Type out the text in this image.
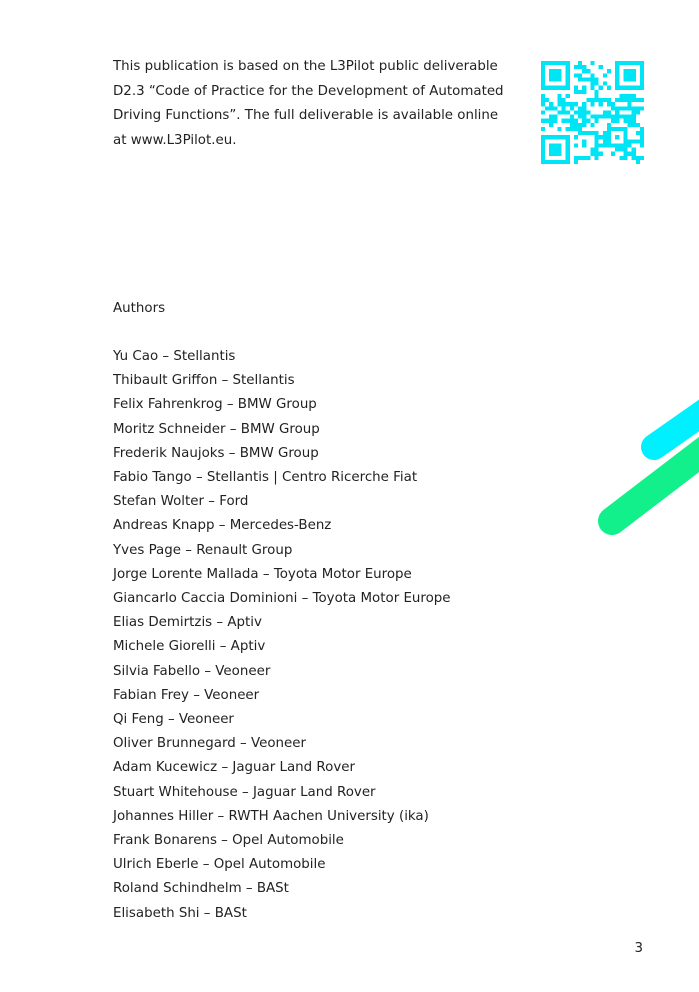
This publication is based on the L3Pilot public deliverable D2.3 “Code of Practice for the Development of Automated Driving Functions”. The full deliverable is available online at www.L3Pilot.eu.

Authors
Yu Cao – Stellantis
Thibault Griffon – Stellantis
Felix Fahrenkrog – BMW Group
Moritz Schneider – BMW Group
Frederik Naujoks – BMW Group
Fabio Tango – Stellantis | Centro Ricerche Fiat
Stefan Wolter – Ford
Andreas Knapp – Mercedes-Benz
Yves Page – Renault Group
Jorge Lorente Mallada – Toyota Motor Europe
Giancarlo Caccia Dominioni – Toyota Motor Europe
Elias Demirtzis – Aptiv
Michele Giorelli – Aptiv
Silvia Fabello – Veoneer
Fabian Frey – Veoneer
Qi Feng – Veoneer
Oliver Brunnegard – Veoneer
Adam Kucewicz – Jaguar Land Rover
Stuart Whitehouse – Jaguar Land Rover
Johannes Hiller – RWTH Aachen University (ika)
Frank Bonarens – Opel Automobile
Ulrich Eberle – Opel Automobile
Roland Schindhelm – BASt
Elisabeth Shi – BASt
3
